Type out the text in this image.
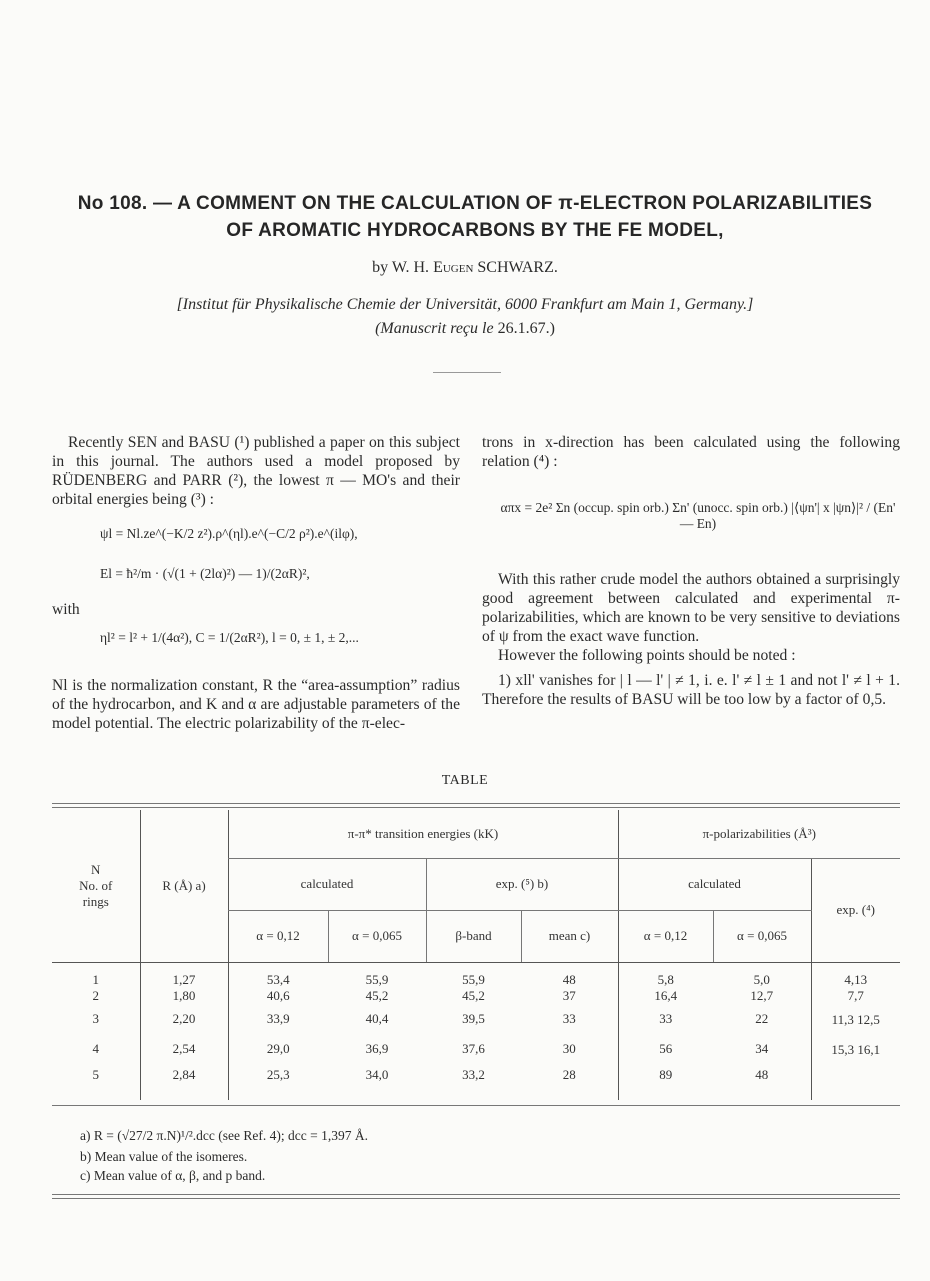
No 108. — A COMMENT ON THE CALCULATION OF π-ELECTRON POLARIZABILITIES
OF AROMATIC HYDROCARBONS BY THE FE MODEL,
by W. H. Eugen SCHWARZ.
[Institut für Physikalische Chemie der Universität, 6000 Frankfurt am Main 1, Germany.]
(Manuscrit reçu le 26.1.67.)

Recently SEN and BASU (¹) published a paper on this subject in this journal. The authors used a model proposed by RÜDENBERG and PARR (²), the lowest π — MO's and their orbital energies being (³) :

ψl = Nl.ze^(−K/2 z²).ρ^(ηl).e^(−C/2 ρ²).e^(ilφ),
El = ħ²/m · (√(1 + (2lα)²) — 1)/(2αR)²,
with
ηl² = l² + 1/(4α²), C = 1/(2αR²), l = 0, ± 1, ± 2,...

Nl is the normalization constant, R the “area-assumption” radius of the hydrocarbon, and K and α are adjustable parameters of the model potential. The electric polarizability of the π-elec-

trons in x-direction has been calculated using the following relation (⁴) :

απx = 2e² Σn (occup. spin orb.) Σn' (unocc. spin orb.) |⟨ψn'| x |ψn⟩|² / (En' — En)

With this rather crude model the authors obtained a surprisingly good agreement between calculated and experimental π-polarizabilities, which are known to be very sensitive to deviations of ψ from the exact wave function.

However the following points should be noted :

1) xll' vanishes for | l — l' | ≠ 1, i. e. l' ≠ l ± 1 and not l' ≠ l + 1. Therefore the results of BASU will be too low by a factor of 0,5.

TABLE
N
No. of
rings	R (Å) a)	π-π* transition energies (kK)				π-polarizabilities (Å³)		
		calculated		exp. (⁵) b)		calculated		exp. (⁴)
		α = 0,12	α = 0,065	β-band	mean c)	α = 0,12	α = 0,065	

1	1,27	53,4	55,9	55,9	48	5,8	5,0	4,13
2	1,80	40,6	45,2	45,2	37	16,4	12,7	7,7
3	2,20	33,9	40,4	39,5	33	33	22	11,3 12,5
4	2,54	29,0	36,9	37,6	30	56	34	15,3 16,1
5	2,84	25,3	34,0	33,2	28	89	48	

a) R = (√27/2 π.N)¹/².dcc (see Ref. 4); dcc = 1,397 Å.
b) Mean value of the isomeres.
c) Mean value of α, β, and p band.
